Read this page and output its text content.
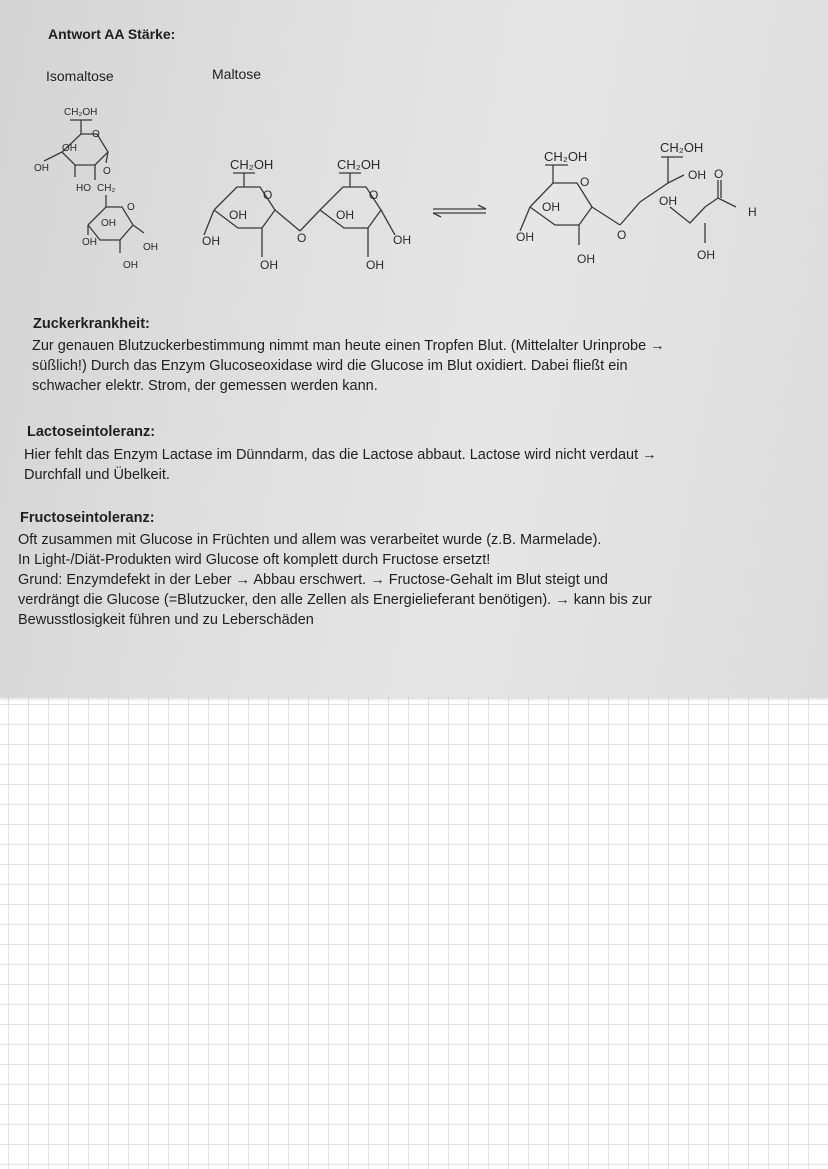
Antwort AA Stärke:
Isomaltose	Maltose
CH₂OH
O
OH
OH	O
HO CH₂
O
OH
OH	OH
OH
CH₂OH
O
OH
OH
OH
O
CH₂OH
O
OH
OH
OH
CH₂OH
O
OH
OH
OH
O
CH₂OH
OH O
OH
H
OH
Zuckerkrankheit:
Zur genauen Blutzuckerbestimmung nimmt man heute einen Tropfen Blut. (Mittelalter Urinprobe →
süßlich!) Durch das Enzym Glucoseoxidase wird die Glucose im Blut oxidiert. Dabei fließt ein
schwacher elektr. Strom, der gemessen werden kann.
Lactoseintoleranz:
Hier fehlt das Enzym Lactase im Dünndarm, das die Lactose abbaut. Lactose wird nicht verdaut →
Durchfall und Übelkeit.
Fructoseintoleranz:
Oft zusammen mit Glucose in Früchten und allem was verarbeitet wurde (z.B. Marmelade).
In Light-/Diät-Produkten wird Glucose oft komplett durch Fructose ersetzt!
Grund: Enzymdefekt in der Leber → Abbau erschwert. → Fructose-Gehalt im Blut steigt und
verdrängt die Glucose (=Blutzucker, den alle Zellen als Energielieferant benötigen). → kann bis zur
Bewusstlosigkeit führen und zu Leberschäden
